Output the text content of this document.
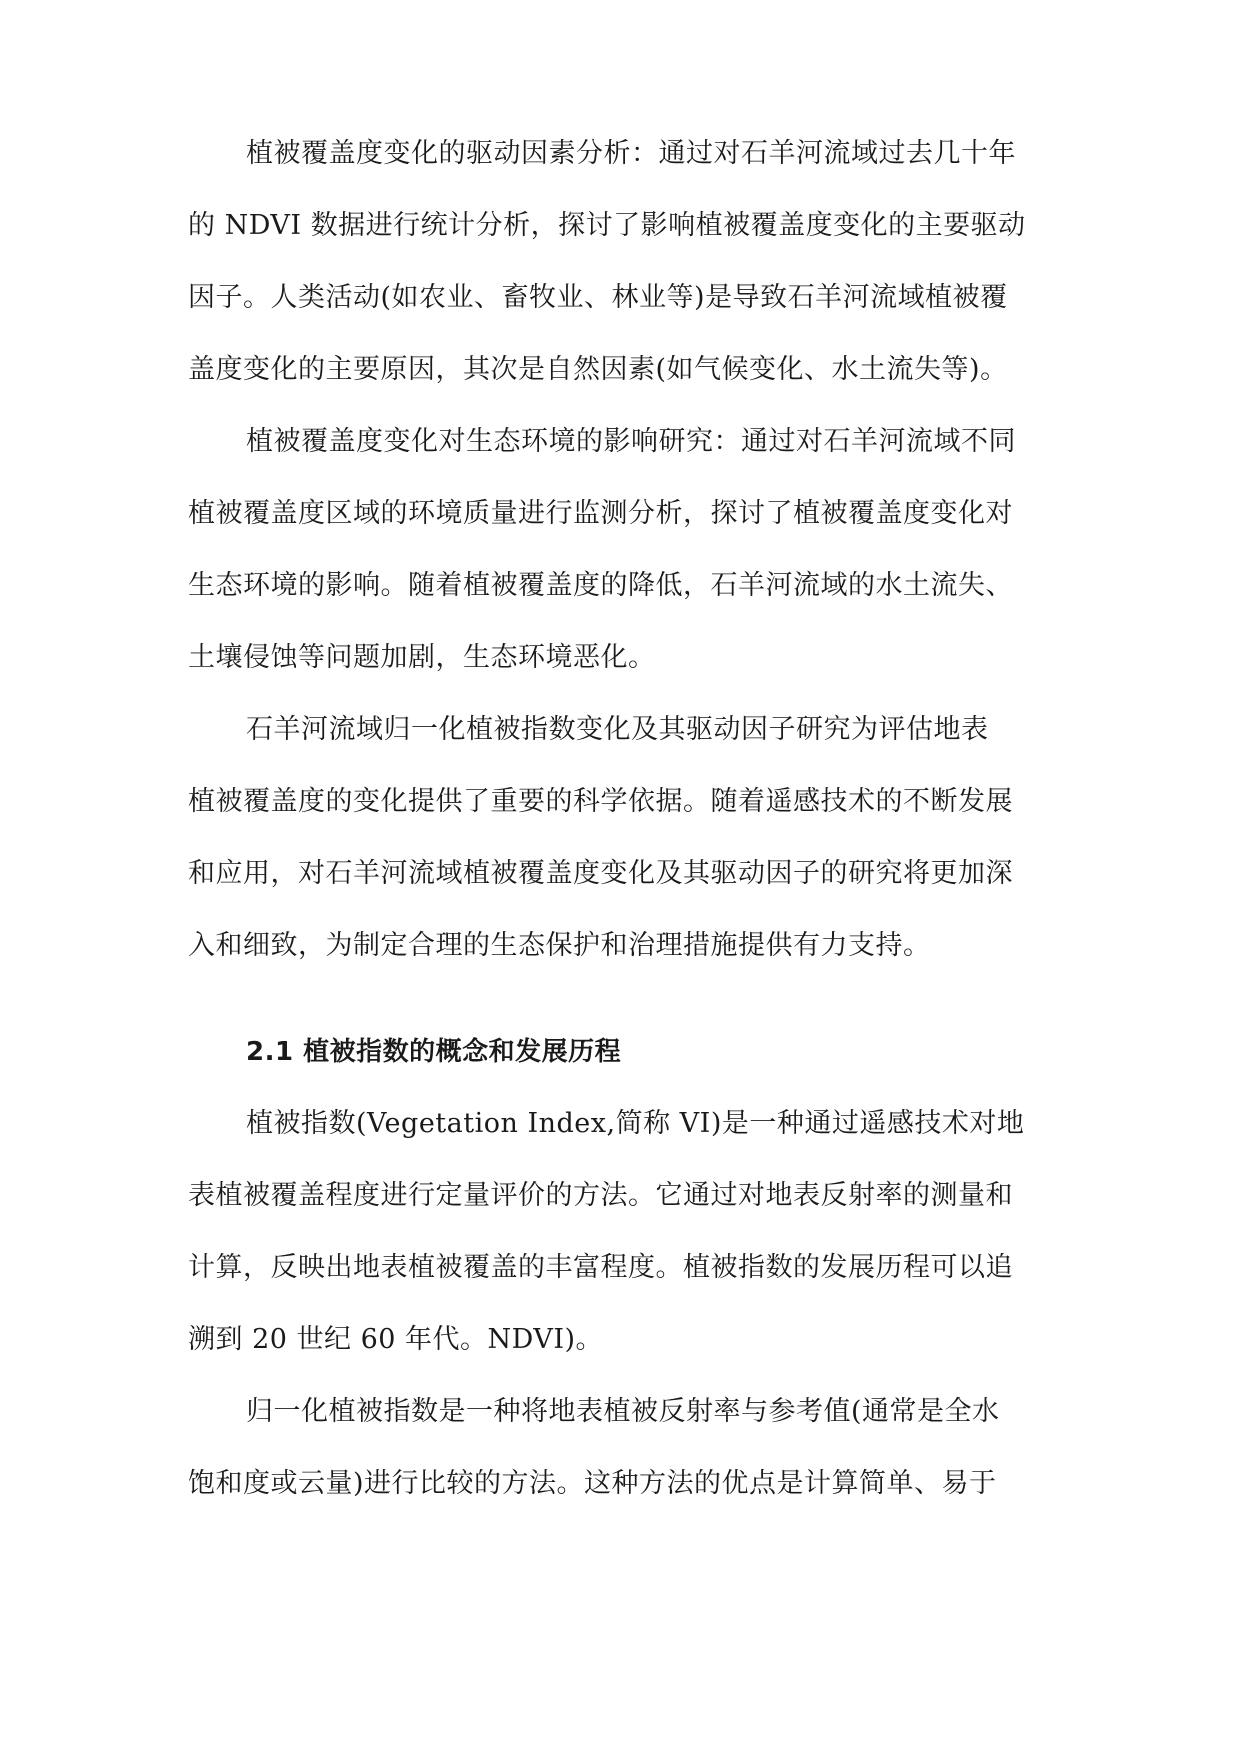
植被覆盖度变化的驱动因素分析：通过对石羊河流域过去几十年
的 NDVI 数据进行统计分析，探讨了影响植被覆盖度变化的主要驱动
因子。人类活动(如农业、畜牧业、林业等)是导致石羊河流域植被覆
盖度变化的主要原因，其次是自然因素(如气候变化、水土流失等)。
植被覆盖度变化对生态环境的影响研究：通过对石羊河流域不同
植被覆盖度区域的环境质量进行监测分析，探讨了植被覆盖度变化对
生态环境的影响。随着植被覆盖度的降低，石羊河流域的水土流失、
土壤侵蚀等问题加剧，生态环境恶化。
石羊河流域归一化植被指数变化及其驱动因子研究为评估地表
植被覆盖度的变化提供了重要的科学依据。随着遥感技术的不断发展
和应用，对石羊河流域植被覆盖度变化及其驱动因子的研究将更加深
入和细致，为制定合理的生态保护和治理措施提供有力支持。
2.1 植被指数的概念和发展历程
植被指数(Vegetation Index,简称 VI)是一种通过遥感技术对地
表植被覆盖程度进行定量评价的方法。它通过对地表反射率的测量和
计算，反映出地表植被覆盖的丰富程度。植被指数的发展历程可以追
溯到 20 世纪 60 年代。NDVI)。
归一化植被指数是一种将地表植被反射率与参考值(通常是全水
饱和度或云量)进行比较的方法。这种方法的优点是计算简单、易于
